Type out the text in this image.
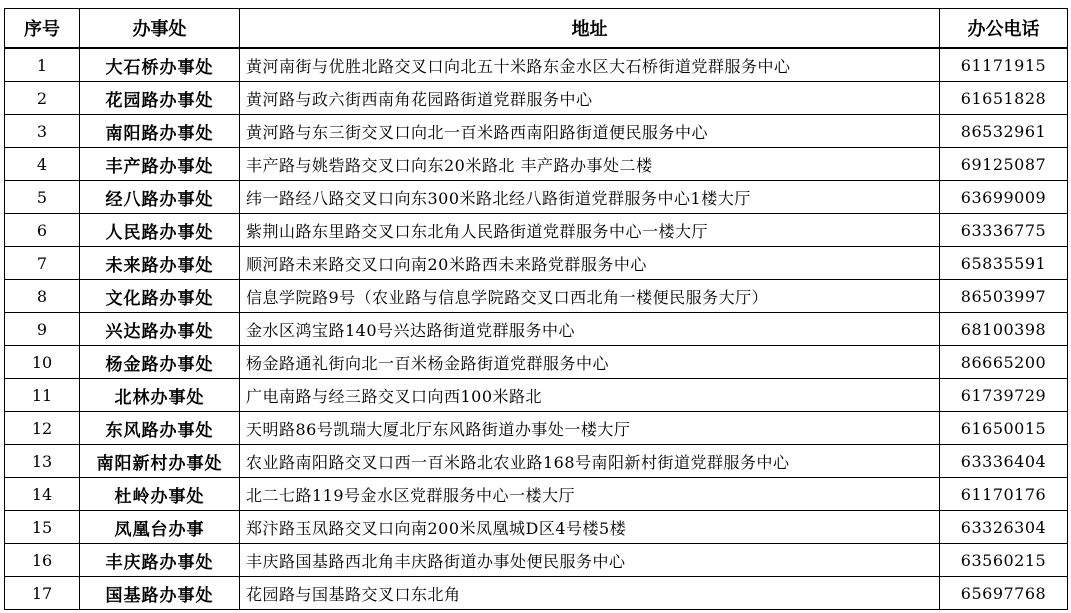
序号	办事处	地址	办公电话
1	大石桥办事处	黄河南街与优胜北路交叉口向北五十米路东金水区大石桥街道党群服务中心	61171915
2	花园路办事处	黄河路与政六街西南角花园路街道党群服务中心	61651828
3	南阳路办事处	黄河路与东三街交叉口向北一百米路西南阳路街道便民服务中心	86532961
4	丰产路办事处	丰产路与姚砦路交叉口向东20米路北 丰产路办事处二楼	69125087
5	经八路办事处	纬一路经八路交叉口向东300米路北经八路街道党群服务中心1楼大厅	63699009
6	人民路办事处	紫荆山路东里路交叉口东北角人民路街道党群服务中心一楼大厅	63336775
7	未来路办事处	顺河路未来路交叉口向南20米路西未来路党群服务中心	65835591
8	文化路办事处	信息学院路9号（农业路与信息学院路交叉口西北角一楼便民服务大厅）	86503997
9	兴达路办事处	金水区鸿宝路140号兴达路街道党群服务中心	68100398
10	杨金路办事处	杨金路通礼街向北一百米杨金路街道党群服务中心	86665200
11	北林办事处	广电南路与经三路交叉口向西100米路北	61739729
12	东风路办事处	天明路86号凯瑞大厦北厅东风路街道办事处一楼大厅	61650015
13	南阳新村办事处	农业路南阳路交叉口西一百米路北农业路168号南阳新村街道党群服务中心	63336404
14	杜岭办事处	北二七路119号金水区党群服务中心一楼大厅	61170176
15	凤凰台办事	郑汴路玉凤路交叉口向南200米凤凰城D区4号楼5楼	63326304
16	丰庆路办事处	丰庆路国基路西北角丰庆路街道办事处便民服务中心	63560215
17	国基路办事处	花园路与国基路交叉口东北角	65697768
